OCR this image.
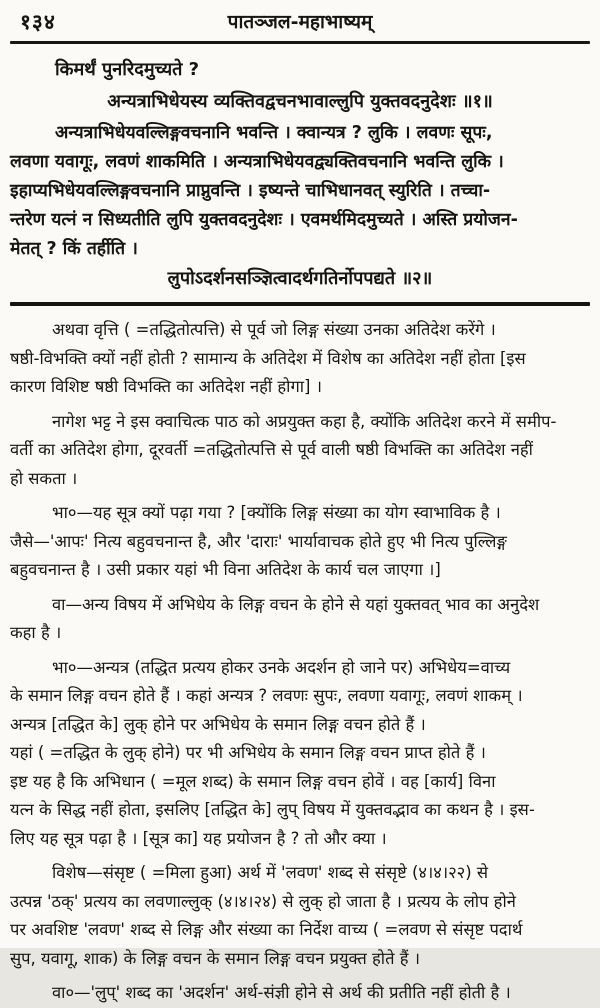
१३४	पातञ्जल-महाभाष्यम्
किमर्थं पुनरिदमुच्यते ?
अन्यत्राभिधेयस्य व्यक्तिवद्वचनभावाल्लुपि युक्तवदनुदेशः ॥१॥
अन्यत्राभिधेयवल्लिङ्गवचनानि भवन्ति । क्वान्यत्र ? लुकि । लवणः सूपः,
लवणा यवागूः, लवणं शाकमिति । अन्यत्राभिधेयवद्व्यक्तिवचनानि भवन्ति लुकि ।
इहाप्यभिधेयवल्लिङ्गवचनानि प्राप्नुवन्ति । इष्यन्ते चाभिधानवत् स्युरिति । तच्चा-
न्तरेण यत्नं न सिध्यतीति लुपि युक्तवदनुदेशः । एवमर्थमिदमुच्यते । अस्ति प्रयोजन-
मेतत् ? किं तर्हीति ।
लुपोऽदर्शनसञ्ज्ञित्वादर्थगतिर्नोपपद्यते ॥२॥
अथवा वृत्ति ( =तद्धितोत्पत्ति) से पूर्व जो लिङ्ग संख्या उनका अतिदेश करेंगे ।
षष्ठी-विभक्ति क्यों नहीं होती ? सामान्य के अतिदेश में विशेष का अतिदेश नहीं होता [इस
कारण विशिष्ट षष्ठी विभक्ति का अतिदेश नहीं होगा] ।
नागेश भट्ट ने इस क्वाचित्क पाठ को अप्रयुक्त कहा है, क्योंकि अतिदेश करने में समीप-
वर्ती का अतिदेश होगा, दूरवर्ती =तद्धितोत्पत्ति से पूर्व वाली षष्ठी विभक्ति का अतिदेश नहीं
हो सकता ।
भा०—यह सूत्र क्यों पढ़ा गया ? [क्योंकि लिङ्ग संख्या का योग स्वाभाविक है ।
जैसे—'आपः' नित्य बहुवचनान्त है, और 'दाराः' भार्यावाचक होते हुए भी नित्य पुल्लिङ्ग
बहुवचनान्त है । उसी प्रकार यहां भी विना अतिदेश के कार्य चल जाएगा ।]
वा—अन्य विषय में अभिधेय के लिङ्ग वचन के होने से यहां युक्तवत् भाव का अनुदेश
कहा है ।
भा०—अन्यत्र (तद्धित प्रत्यय होकर उनके अदर्शन हो जाने पर) अभिधेय=वाच्य
के समान लिङ्ग वचन होते हैं । कहां अन्यत्र ? लवणः सुपः, लवणा यवागूः, लवणं शाकम् ।
अन्यत्र [तद्धित के] लुक् होने पर अभिधेय के समान लिङ्ग वचन होते हैं ।
यहां ( =तद्धित के लुक् होने) पर भी अभिधेय के समान लिङ्ग वचन प्राप्त होते हैं ।
इष्ट यह है कि अभिधान ( =मूल शब्द) के समान लिङ्ग वचन होवें । वह [कार्य] विना
यत्न के सिद्ध नहीं होता, इसलिए [तद्धित के] लुप् विषय में युक्तवद्भाव का कथन है । इस-
लिए यह सूत्र पढ़ा है । [सूत्र का] यह प्रयोजन है ? तो और क्या ।
विशेष—संसृष्ट ( =मिला हुआ) अर्थ में 'लवण' शब्द से संसृष्टे (४।४।२२) से
उत्पन्न 'ठक्' प्रत्यय का लवणाल्लुक् (४।४।२४) से लुक् हो जाता है । प्रत्यय के लोप होने
पर अवशिष्ट 'लवण' शब्द से लिङ्ग और संख्या का निर्देश वाच्य ( =लवण से संसृष्ट पदार्थ
सुप, यवागू, शाक) के लिङ्ग वचन के समान लिङ्ग वचन प्रयुक्त होते हैं ।
वा०—'लुप्' शब्द का 'अदर्शन' अर्थ-संज्ञी होने से अर्थ की प्रतीति नहीं होती है ।
